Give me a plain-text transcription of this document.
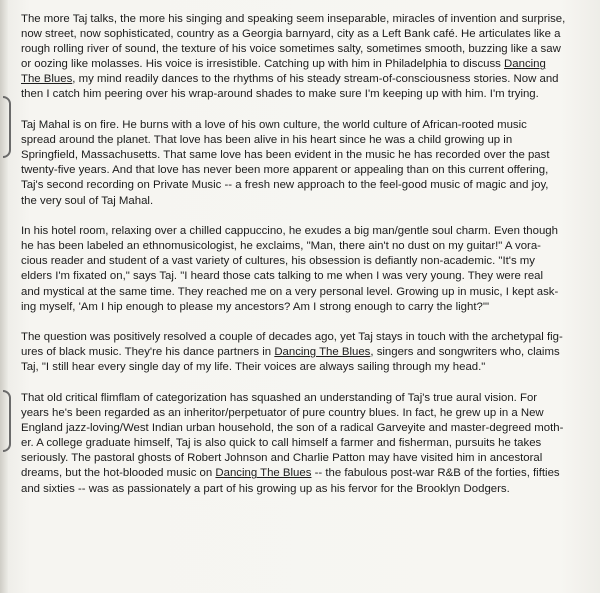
The more Taj talks, the more his singing and speaking seem inseparable, miracles of invention and surprise,
now street, now sophisticated, country as a Georgia barnyard, city as a Left Bank café. He articulates like a
rough rolling river of sound, the texture of his voice sometimes salty, sometimes smooth, buzzing like a saw
or oozing like molasses. His voice is irresistible. Catching up with him in Philadelphia to discuss Dancing
The Blues, my mind readily dances to the rhythms of his steady stream-of-consciousness stories. Now and
then I catch him peering over his wrap-around shades to make sure I'm keeping up with him. I'm trying.
Taj Mahal is on fire. He burns with a love of his own culture, the world culture of African-rooted music
spread around the planet. That love has been alive in his heart since he was a child growing up in
Springfield, Massachusetts. That same love has been evident in the music he has recorded over the past
twenty-five years. And that love has never been more apparent or appealing than on this current offering,
Taj's second recording on Private Music -- a fresh new approach to the feel-good music of magic and joy,
the very soul of Taj Mahal.
In his hotel room, relaxing over a chilled cappuccino, he exudes a big man/gentle soul charm. Even though
he has been labeled an ethnomusicologist, he exclaims, "Man, there ain't no dust on my guitar!" A vora-
cious reader and student of a vast variety of cultures, his obsession is defiantly non-academic. "It's my
elders I'm fixated on," says Taj. "I heard those cats talking to me when I was very young. They were real
and mystical at the same time. They reached me on a very personal level. Growing up in music, I kept ask-
ing myself, 'Am I hip enough to please my ancestors? Am I strong enough to carry the light?'"
The question was positively resolved a couple of decades ago, yet Taj stays in touch with the archetypal fig-
ures of black music. They're his dance partners in Dancing The Blues, singers and songwriters who, claims
Taj, "I still hear every single day of my life. Their voices are always sailing through my head."
That old critical flimflam of categorization has squashed an understanding of Taj's true aural vision. For
years he's been regarded as an inheritor/perpetuator of pure country blues. In fact, he grew up in a New
England jazz-loving/West Indian urban household, the son of a radical Garveyite and master-degreed moth-
er. A college graduate himself, Taj is also quick to call himself a farmer and fisherman, pursuits he takes
seriously. The pastoral ghosts of Robert Johnson and Charlie Patton may have visited him in ancestoral
dreams, but the hot-blooded music on Dancing The Blues -- the fabulous post-war R&B of the forties, fifties
and sixties -- was as passionately a part of his growing up as his fervor for the Brooklyn Dodgers.
